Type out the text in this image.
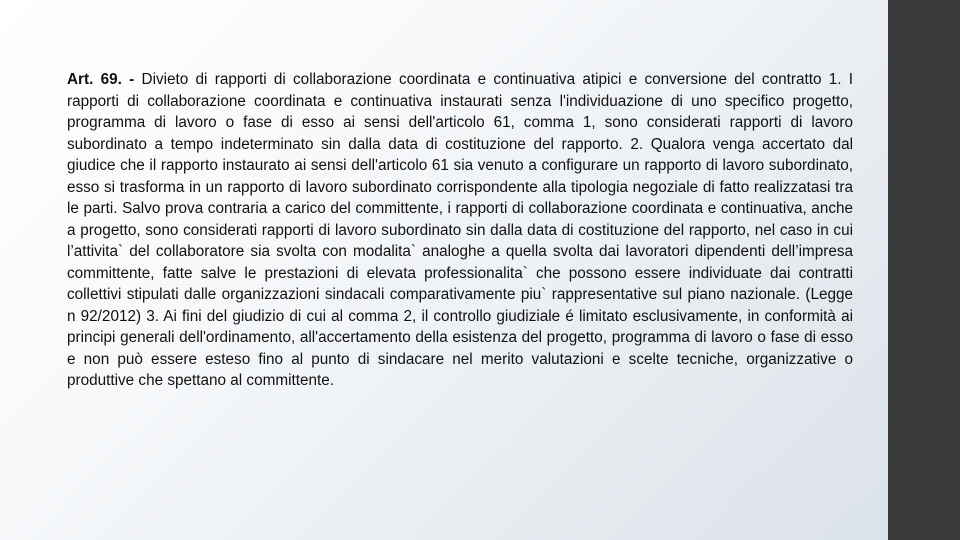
Art. 69. - Divieto di rapporti di collaborazione coordinata e continuativa atipici e conversione del contratto 1. I rapporti di collaborazione coordinata e continuativa instaurati senza l'individuazione di uno specifico progetto, programma di lavoro o fase di esso ai sensi dell'articolo 61, comma 1, sono considerati rapporti di lavoro subordinato a tempo indeterminato sin dalla data di costituzione del rapporto. 2. Qualora venga accertato dal giudice che il rapporto instaurato ai sensi dell'articolo 61 sia venuto a configurare un rapporto di lavoro subordinato, esso si trasforma in un rapporto di lavoro subordinato corrispondente alla tipologia negoziale di fatto realizzatasi tra le parti. Salvo prova contraria a carico del committente, i rapporti di collaborazione coordinata e continuativa, anche a progetto, sono considerati rapporti di lavoro subordinato sin dalla data di costituzione del rapporto, nel caso in cui l’attivita` del collaboratore sia svolta con modalita` analoghe a quella svolta dai lavoratori dipendenti dell’impresa committente, fatte salve le prestazioni di elevata professionalita` che possono essere individuate dai contratti collettivi stipulati dalle organizzazioni sindacali comparativamente piu` rappresentative sul piano nazionale. (Legge n 92/2012) 3. Ai fini del giudizio di cui al comma 2, il controllo giudiziale é limitato esclusivamente, in conformità ai principi generali dell'ordinamento, all'accertamento della esistenza del progetto, programma di lavoro o fase di esso e non può essere esteso fino al punto di sindacare nel merito valutazioni e scelte tecniche, organizzative o produttive che spettano al committente.
